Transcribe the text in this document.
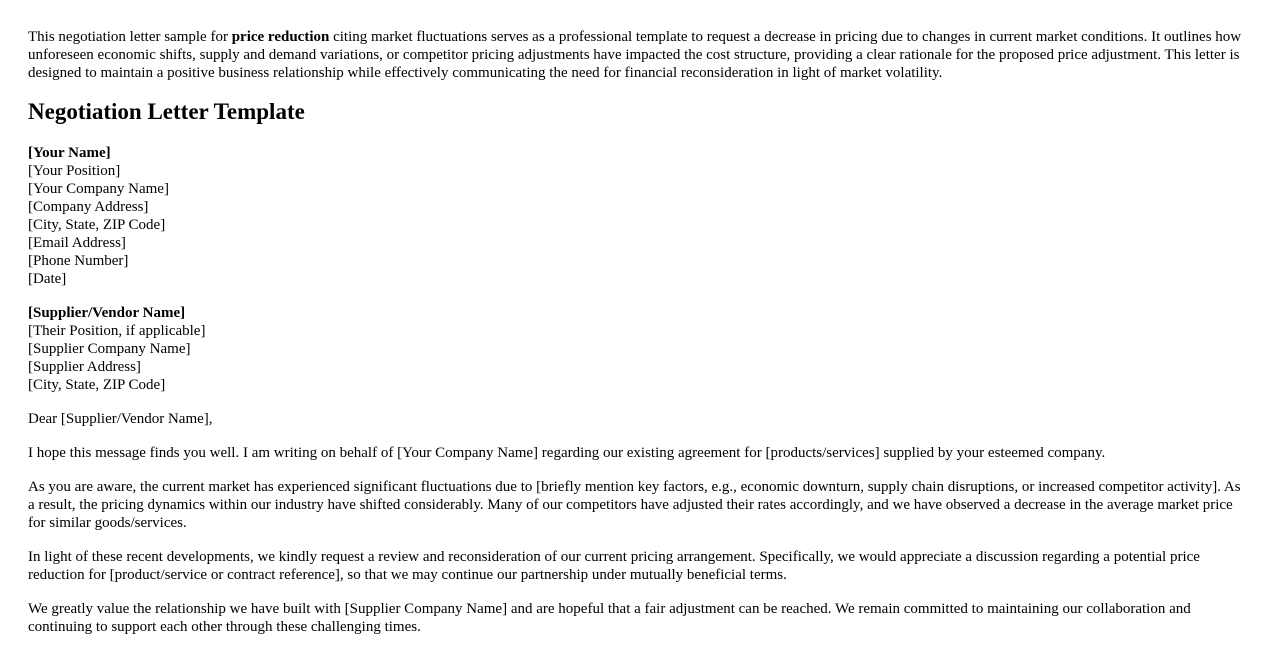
This negotiation letter sample for price reduction citing market fluctuations serves as a professional template to request a decrease in pricing due to changes in current market conditions. It outlines how unforeseen economic shifts, supply and demand variations, or competitor pricing adjustments have impacted the cost structure, providing a clear rationale for the proposed price adjustment. This letter is designed to maintain a positive business relationship while effectively communicating the need for financial reconsideration in light of market volatility.

Negotiation Letter Template
[Your Name]
[Your Position]
[Your Company Name]
[Company Address]
[City, State, ZIP Code]
[Email Address]
[Phone Number]
[Date]
[Supplier/Vendor Name]
[Their Position, if applicable]
[Supplier Company Name]
[Supplier Address]
[City, State, ZIP Code]

Dear [Supplier/Vendor Name],

I hope this message finds you well. I am writing on behalf of [Your Company Name] regarding our existing agreement for [products/services] supplied by your esteemed company.

As you are aware, the current market has experienced significant fluctuations due to [briefly mention key factors, e.g., economic downturn, supply chain disruptions, or increased competitor activity]. As a result, the pricing dynamics within our industry have shifted considerably. Many of our competitors have adjusted their rates accordingly, and we have observed a decrease in the average market price for similar goods/services.

In light of these recent developments, we kindly request a review and reconsideration of our current pricing arrangement. Specifically, we would appreciate a discussion regarding a potential price reduction for [product/service or contract reference], so that we may continue our partnership under mutually beneficial terms.

We greatly value the relationship we have built with [Supplier Company Name] and are hopeful that a fair adjustment can be reached. We remain committed to maintaining our collaboration and continuing to support each other through these challenging times.
